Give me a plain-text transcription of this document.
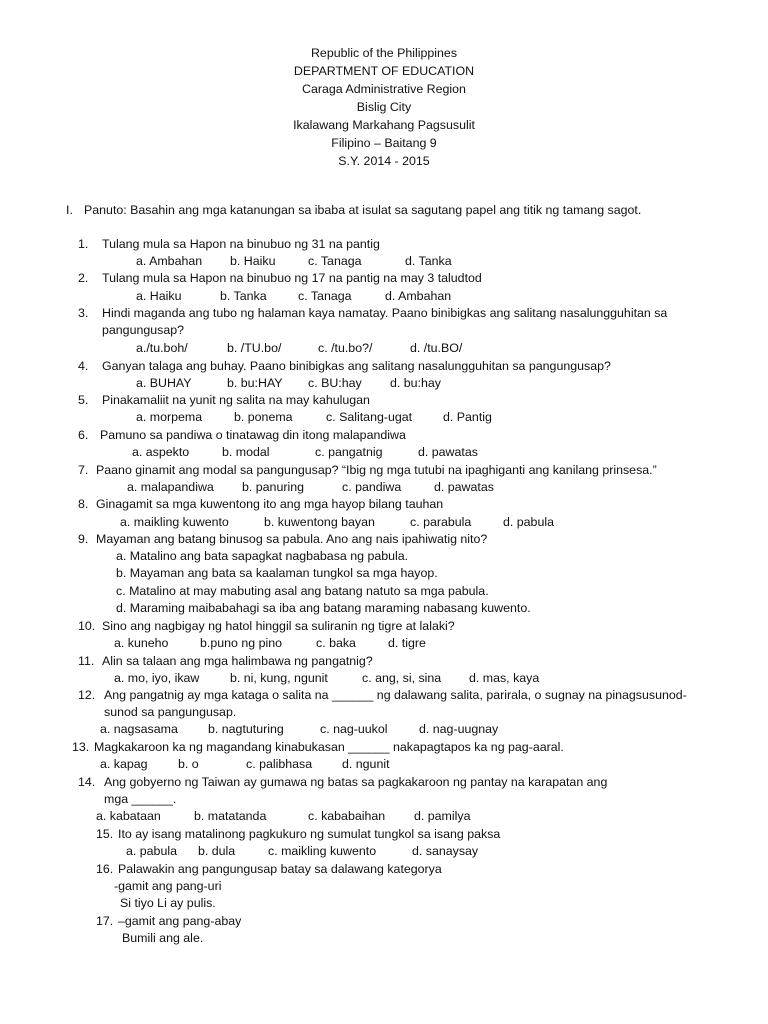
Republic of the Philippines
DEPARTMENT OF EDUCATION
Caraga Administrative Region
Bislig City
Ikalawang Markahang Pagsusulit
Filipino – Baitang 9
S.Y. 2014 - 2015
I. Panuto: Basahin ang mga katanungan sa ibaba at isulat sa sagutang papel ang titik ng tamang sagot.
1. Tulang mula sa Hapon na binubuo ng 31 na pantig
a. Ambahan b. Haiku	c. Tanaga	d. Tanka
2. Tulang mula sa Hapon na binubuo ng 17 na pantig na may 3 taludtod
a. Haiku	b. Tanka	c. Tanaga	d. Ambahan
3. Hindi maganda ang tubo ng halaman kaya namatay. Paano binibigkas ang salitang nasalungguhitan sa
pangungusap?
a./tu.boh/	b. /TU.bo/	c. /tu.bo?/	d. /tu.BO/
4. Ganyan talaga ang buhay. Paano binibigkas ang salitang nasalungguhitan sa pangungusap?
a. BUHAY	b. bu:HAY c. BU:hay d. bu:hay
5. Pinakamaliit na yunit ng salita na may kahulugan
a. morpema	b. ponema	c. Salitang-ugat d. Pantig
6. Pamuno sa pandiwa o tinatawag din itong malapandiwa
a. aspekto	b. modal	c. pangatnig	d. pawatas
7. Paano ginamit ang modal sa pangungusap? “Ibig ng mga tutubi na ipaghiganti ang kanilang prinsesa.”
a. malapandiwa b. panuring	c. pandiwa	d. pawatas
8. Ginagamit sa mga kuwentong ito ang mga hayop bilang tauhan
a. maikling kuwento	b. kuwentong bayan	c. parabula	d. pabula
9. Mayaman ang batang binusog sa pabula. Ano ang nais ipahiwatig nito?
a. Matalino ang bata sapagkat nagbabasa ng pabula.
b. Mayaman ang bata sa kaalaman tungkol sa mga hayop.
c. Matalino at may mabuting asal ang batang natuto sa mga pabula.
d. Maraming maibabahagi sa iba ang batang maraming nabasang kuwento.
10. Sino ang nagbigay ng hatol hinggil sa suliranin ng tigre at lalaki?
a. kuneho	b.puno ng pino	c. baka	d. tigre
11. Alin sa talaan ang mga halimbawa ng pangatnig?
a. mo, iyo, ikaw b. ni, kung, ngunit	c. ang, si, sina d. mas, kaya
12. Ang pangatnig ay mga kataga o salita na ______ ng dalawang salita, parirala, o sugnay na pinagsusunod-
sunod sa pangungusap.
a. nagsasama b. nagtuturing	c. nag-uukol	d. nag-uugnay
13. Magkakaroon ka ng magandang kinabukasan ______ nakapagtapos ka ng pag-aaral.
a. kapag b. o	c. palibhasa d. ngunit
14. Ang gobyerno ng Taiwan ay gumawa ng batas sa pagkakaroon ng pantay na karapatan ang
mga ______.
a. kabataan	b. matatanda	c. kababaihan d. pamilya
15. Ito ay isang matalinong pagkukuro ng sumulat tungkol sa isang paksa
a. pabula b. dula	c. maikling kuwento	d. sanaysay
16. Palawakin ang pangungusap batay sa dalawang kategorya
-gamit ang pang-uri
Si tiyo Li ay pulis.
17. –gamit ang pang-abay
Bumili ang ale.
